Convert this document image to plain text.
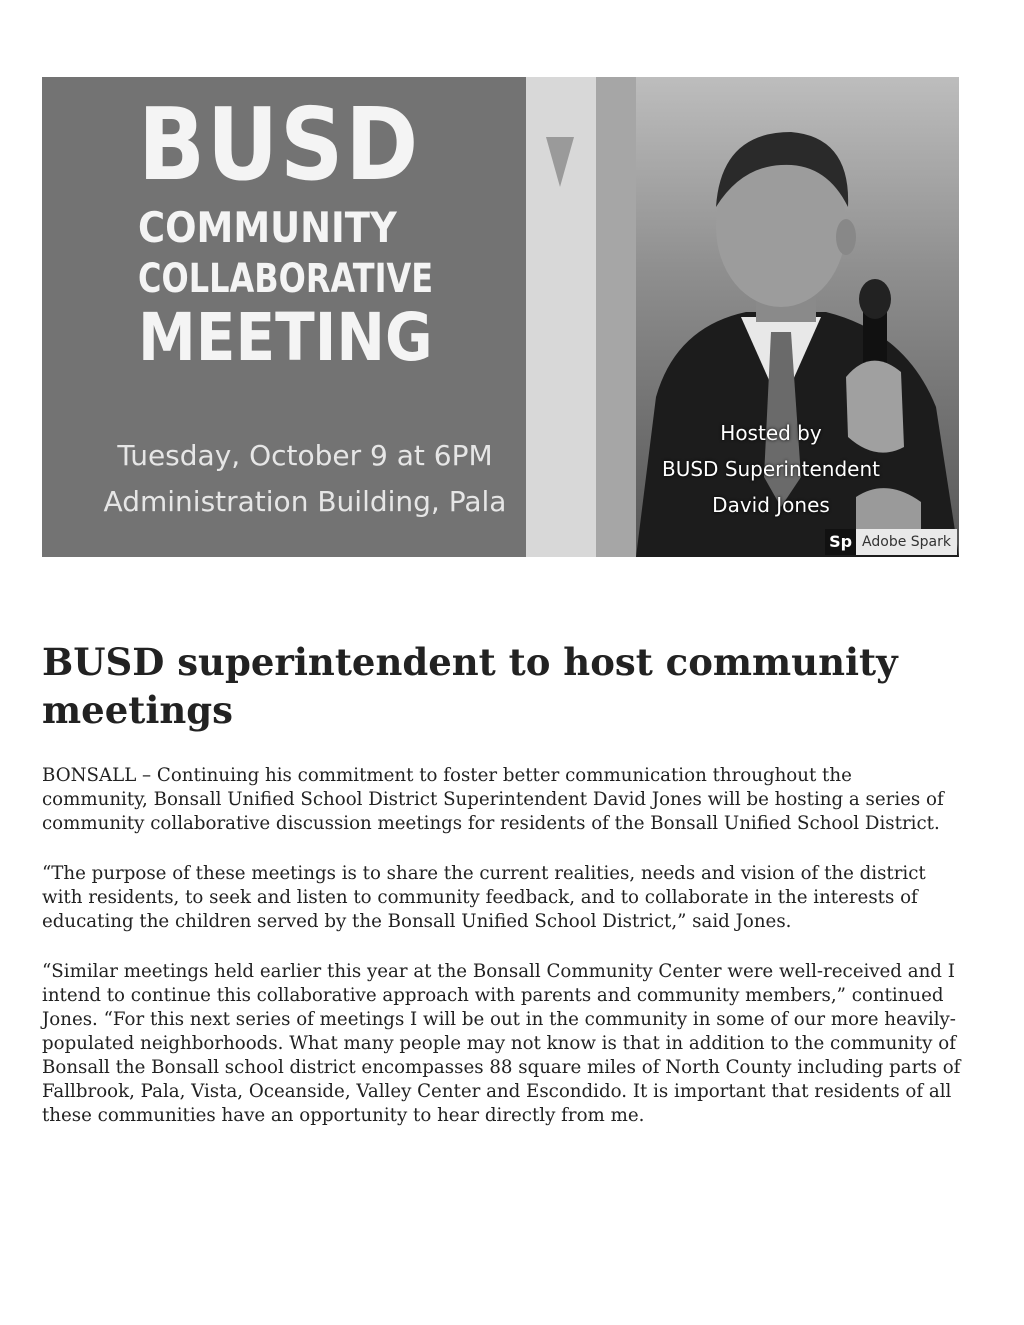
BUSD
COMMUNITY
COLLABORATIVE
MEETING
Tuesday, October 9 at 6PM
Administration Building, Pala
Hosted by
BUSD Superintendent
David Jones
Sp Adobe Spark
BUSD superintendent to host community meetings

BONSALL – Continuing his commitment to foster better communication throughout the community, Bonsall Unified School District Superintendent David Jones will be hosting a series of community collaborative discussion meetings for residents of the Bonsall Unified School District.

“The purpose of these meetings is to share the current realities, needs and vision of the district with residents, to seek and listen to community feedback, and to collaborate in the interests of educating the children served by the Bonsall Unified School District,” said Jones.

“Similar meetings held earlier this year at the Bonsall Community Center were well-received and I intend to continue this collaborative approach with parents and community members,” continued Jones. “For this next series of meetings I will be out in the community in some of our more heavily-populated neighborhoods. What many people may not know is that in addition to the community of Bonsall the Bonsall school district encompasses 88 square miles of North County including parts of Fallbrook, Pala, Vista, Oceanside, Valley Center and Escondido. It is important that residents of all these communities have an opportunity to hear directly from me.
